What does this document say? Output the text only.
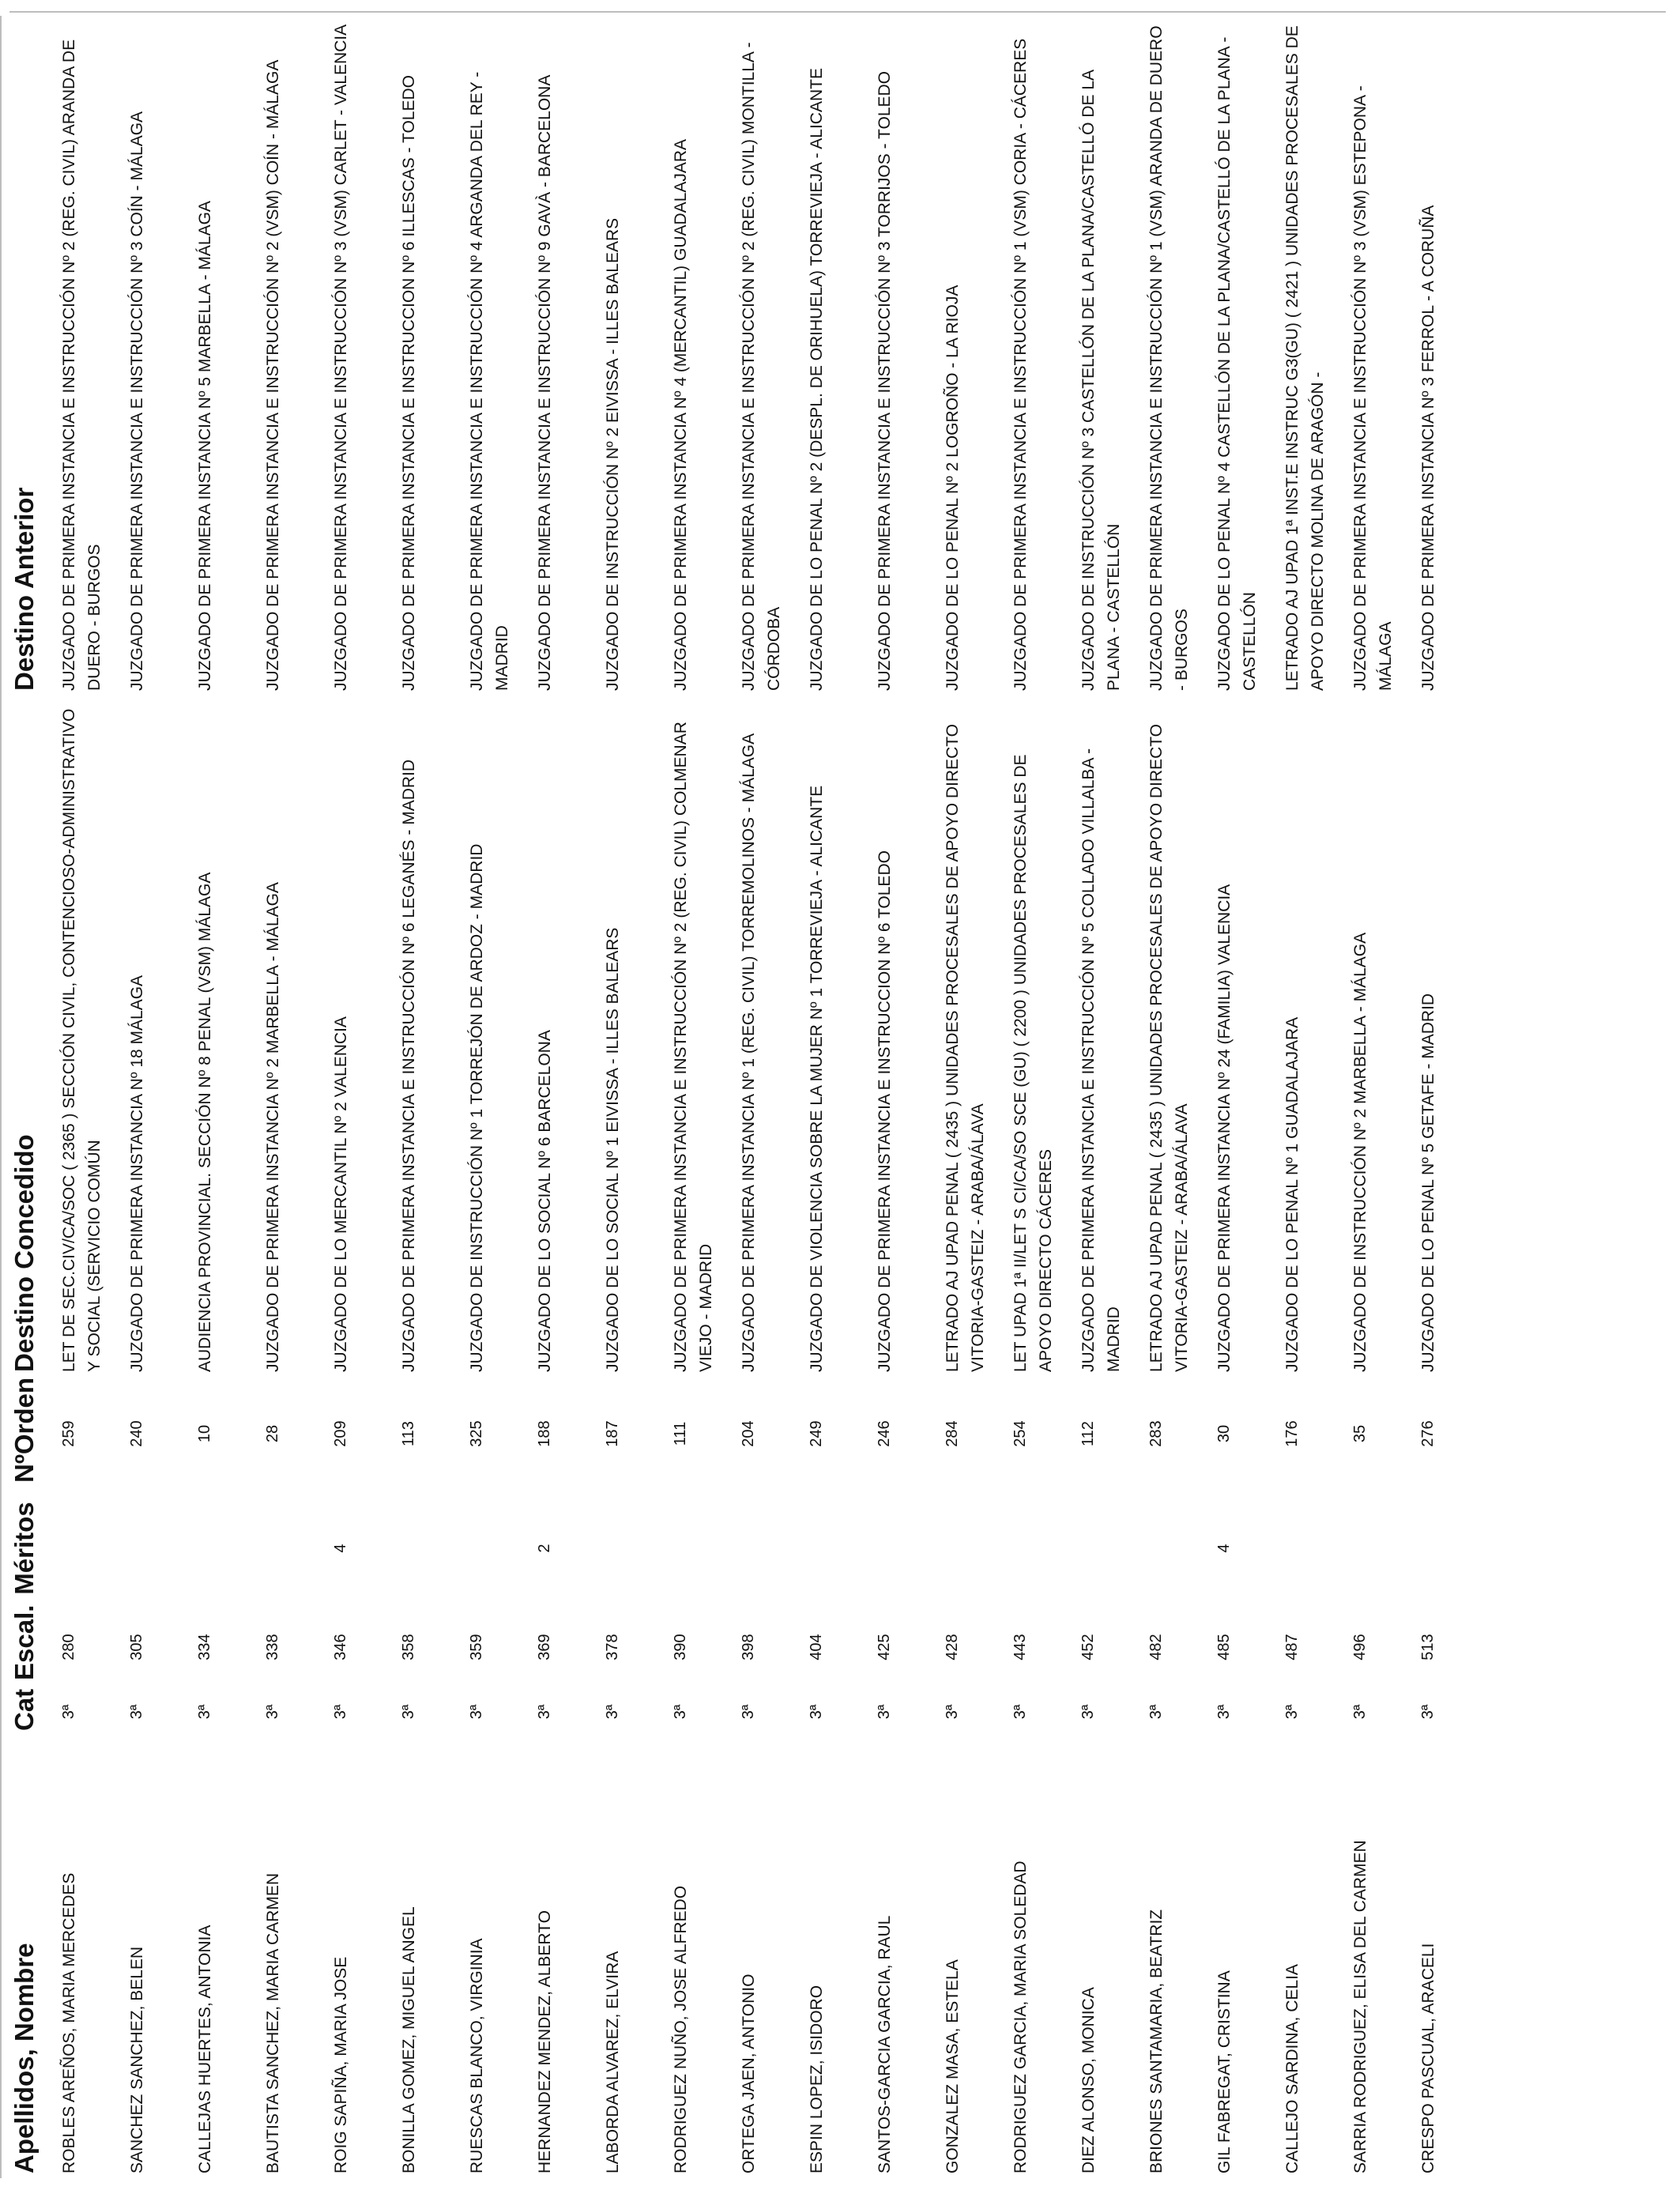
Apellidos, Nombre	Cat	Escal.	Méritos	NºOrden	Destino Concedido	Destino Anterior
ROBLES AREÑOS, MARIA MERCEDES	3ª	280		259	LET DE SEC.CIV/CA/SOC ( 2365 ) SECCIÓN CIVIL, CONTENCIOSO-ADMINISTRATIVO Y SOCIAL (SERVICIO COMÚN	JUZGADO DE PRIMERA INSTANCIA E INSTRUCCIÓN Nº 2 (REG. CIVIL) ARANDA DE DUERO - BURGOS
SANCHEZ SANCHEZ, BELEN	3ª	305		240	JUZGADO DE PRIMERA INSTANCIA Nº 18 MÁLAGA	JUZGADO DE PRIMERA INSTANCIA E INSTRUCCIÓN Nº 3 COÍN - MÁLAGA
CALLEJAS HUERTES, ANTONIA	3ª	334		10	AUDIENCIA PROVINCIAL. SECCIÓN Nº 8 PENAL (VSM) MÁLAGA	JUZGADO DE PRIMERA INSTANCIA Nº 5 MARBELLA - MÁLAGA
BAUTISTA SANCHEZ, MARIA CARMEN	3ª	338		28	JUZGADO DE PRIMERA INSTANCIA Nº 2 MARBELLA - MÁLAGA	JUZGADO DE PRIMERA INSTANCIA E INSTRUCCIÓN Nº 2 (VSM) COÍN - MÁLAGA
ROIG SAPIÑA, MARIA JOSE	3ª	346	4	209	JUZGADO DE LO MERCANTIL Nº 2 VALENCIA	JUZGADO DE PRIMERA INSTANCIA E INSTRUCCIÓN Nº 3 (VSM) CARLET - VALENCIA
BONILLA GOMEZ, MIGUEL ANGEL	3ª	358		113	JUZGADO DE PRIMERA INSTANCIA E INSTRUCCIÓN Nº 6 LEGANÉS - MADRID	JUZGADO DE PRIMERA INSTANCIA E INSTRUCCION Nº 6 ILLESCAS - TOLEDO
RUESCAS BLANCO, VIRGINIA	3ª	359		325	JUZGADO DE INSTRUCCIÓN Nº 1 TORREJÓN DE ARDOZ - MADRID	JUZGADO DE PRIMERA INSTANCIA E INSTRUCCIÓN Nº 4 ARGANDA DEL REY - MADRID
HERNANDEZ MENDEZ, ALBERTO	3ª	369	2	188	JUZGADO DE LO SOCIAL Nº 6 BARCELONA	JUZGADO DE PRIMERA INSTANCIA E INSTRUCCIÓN Nº 9 GAVÀ - BARCELONA
LABORDA ALVAREZ, ELVIRA	3ª	378		187	JUZGADO DE LO SOCIAL Nº 1 EIVISSA - ILLES BALEARS	JUZGADO DE INSTRUCCIÓN Nº 2 EIVISSA - ILLES BALEARS
RODRIGUEZ NUÑO, JOSE ALFREDO	3ª	390		111	JUZGADO DE PRIMERA INSTANCIA E INSTRUCCIÓN Nº 2 (REG. CIVIL) COLMENAR VIEJO - MADRID	JUZGADO DE PRIMERA INSTANCIA Nº 4 (MERCANTIL) GUADALAJARA
ORTEGA JAEN, ANTONIO	3ª	398		204	JUZGADO DE PRIMERA INSTANCIA Nº 1 (REG. CIVIL) TORREMOLINOS - MÁLAGA	JUZGADO DE PRIMERA INSTANCIA E INSTRUCCIÓN Nº 2 (REG. CIVIL) MONTILLA - CÓRDOBA
ESPIN LOPEZ, ISIDORO	3ª	404		249	JUZGADO DE VIOLENCIA SOBRE LA MUJER Nº 1 TORREVIEJA - ALICANTE	JUZGADO DE LO PENAL Nº 2 (DESPL. DE ORIHUELA) TORREVIEJA - ALICANTE
SANTOS-GARCIA GARCIA, RAUL	3ª	425		246	JUZGADO DE PRIMERA INSTANCIA E INSTRUCCION Nº 6 TOLEDO	JUZGADO DE PRIMERA INSTANCIA E INSTRUCCIÓN Nº 3 TORRIJOS - TOLEDO
GONZALEZ MASA, ESTELA	3ª	428		284	LETRADO AJ UPAD PENAL ( 2435 ) UNIDADES PROCESALES DE APOYO DIRECTO VITORIA-GASTEIZ - ARABA/ÁLAVA	JUZGADO DE LO PENAL Nº 2 LOGROÑO - LA RIOJA
RODRIGUEZ GARCIA, MARIA SOLEDAD	3ª	443		254	LET UPAD 1ª II/LET S CI/CA/SO SCE (GU) ( 2200 ) UNIDADES PROCESALES DE APOYO DIRECTO CÁCERES	JUZGADO DE PRIMERA INSTANCIA E INSTRUCCIÓN Nº 1 (VSM) CORIA - CÁCERES
DIEZ ALONSO, MONICA	3ª	452		112	JUZGADO DE PRIMERA INSTANCIA E INSTRUCCIÓN Nº 5 COLLADO VILLALBA - MADRID	JUZGADO DE INSTRUCCIÓN Nº 3 CASTELLÓN DE LA PLANA/CASTELLÓ DE LA PLANA - CASTELLÓN
BRIONES SANTAMARIA, BEATRIZ	3ª	482		283	LETRADO AJ UPAD PENAL ( 2435 ) UNIDADES PROCESALES DE APOYO DIRECTO VITORIA-GASTEIZ - ARABA/ÁLAVA	JUZGADO DE PRIMERA INSTANCIA E INSTRUCCIÓN Nº 1 (VSM) ARANDA DE DUERO - BURGOS
GIL FABREGAT, CRISTINA	3ª	485	4	30	JUZGADO DE PRIMERA INSTANCIA Nº 24 (FAMILIA) VALENCIA	JUZGADO DE LO PENAL Nº 4 CASTELLÓN DE LA PLANA/CASTELLÓ DE LA PLANA - CASTELLÓN
CALLEJO SARDINA, CELIA	3ª	487		176	JUZGADO DE LO PENAL Nº 1 GUADALAJARA	LETRADO AJ UPAD 1ª INST.E INSTRUC G3(GU) ( 2421 ) UNIDADES PROCESALES DE APOYO DIRECTO MOLINA DE ARAGÓN -
SARRIA RODRIGUEZ, ELISA DEL CARMEN	3ª	496		35	JUZGADO DE INSTRUCCIÓN Nº 2 MARBELLA - MÁLAGA	JUZGADO DE PRIMERA INSTANCIA E INSTRUCCIÓN Nº 3 (VSM) ESTEPONA - MÁLAGA
CRESPO PASCUAL, ARACELI	3ª	513		276	JUZGADO DE LO PENAL Nº 5 GETAFE - MADRID	JUZGADO DE PRIMERA INSTANCIA Nº 3 FERROL - A CORUÑA
